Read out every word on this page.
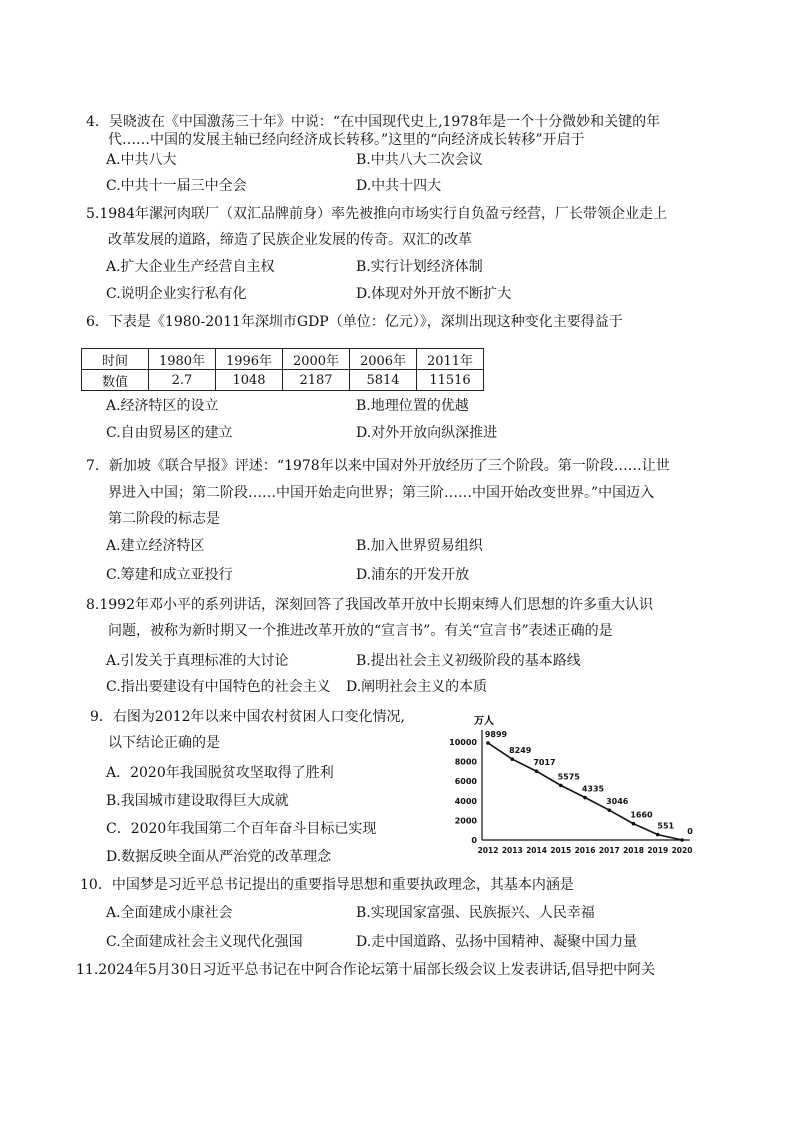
4．吴晓波在《中国激荡三十年》中说：“在中国现代史上,1978年是一个十分微妙和关键的年
代……中国的发展主轴已经向经济成长转移。”这里的“向经济成长转移”开启于
A.中共八大	B.中共八大二次会议
C.中共十一届三中全会	D.中共十四大
5.1984年漯河肉联厂（双汇品牌前身）率先被推向市场实行自负盈亏经营，厂长带领企业走上
改革发展的道路，缔造了民族企业发展的传奇。双汇的改革
A.扩大企业生产经营自主权	B.实行计划经济体制
C.说明企业实行私有化	D.体现对外开放不断扩大
6．下表是《1980-2011年深圳市GDP（单位：亿元）》，深圳出现这种变化主要得益于
时间	1980年	1996年	2000年	2006年	2011年
数值	2.7	1048	2187	5814	11516
A.经济特区的设立	B.地理位置的优越
C.自由贸易区的建立	D.对外开放向纵深推进
7．新加坡《联合早报》评述：“1978年以来中国对外开放经历了三个阶段。第一阶段……让世
界进入中国；第二阶段……中国开始走向世界；第三阶……中国开始改变世界。”中国迈入
第二阶段的标志是
A.建立经济特区	B.加入世界贸易组织
C.筹建和成立亚投行	D.浦东的开发开放
8.1992年邓小平的系列讲话，深刻回答了我国改革开放中长期束缚人们思想的许多重大认识
问题，被称为新时期又一个推进改革开放的“宣言书”。有关“宣言书”表述正确的是
A.引发关于真理标准的大讨论	B.提出社会主义初级阶段的基本路线
C.指出要建设有中国特色的社会主义 D.阐明社会主义的本质
9．右图为2012年以来中国农村贫困人口变化情况,
以下结论正确的是
A．2020年我国脱贫攻坚取得了胜利
B.我国城市建设取得巨大成就
C．2020年我国第二个百年奋斗目标已实现
D.数据反映全面从严治党的改革理念
万人
0
2000
4000
6000
8000
10000
2012 2013 2014 2015 2016 2017 2018 2019 2020
9899
8249
7017
5575
4335
3046
1660
551
0
10．中国梦是习近平总书记提出的重要指导思想和重要执政理念，其基本内涵是
A.全面建成小康社会	B.实现国家富强、民族振兴、人民幸福
C.全面建成社会主义现代化强国	D.走中国道路、弘扬中国精神、凝聚中国力量
11.2024年5月30日习近平总书记在中阿合作论坛第十届部长级会议上发表讲话,倡导把中阿关
